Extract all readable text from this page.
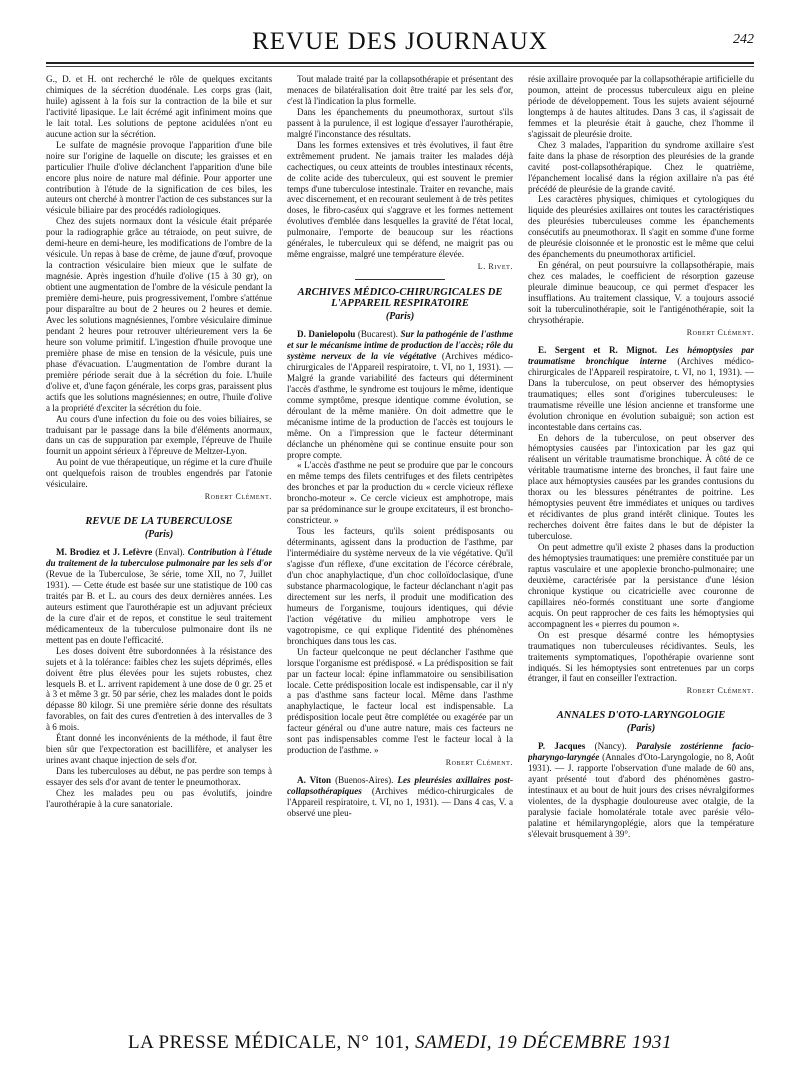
REVUE DES JOURNAUX	242

G., D. et H. ont recherché le rôle de quelques excitants chimiques de la sécrétion duodénale. Les corps gras (lait, huile) agissent à la fois sur la contraction de la bile et sur l'activité lipasique. Le lait écrémé agit infiniment moins que le lait total. Les solutions de peptone acidulées n'ont eu aucune action sur la sécrétion.

Le sulfate de magnésie provoque l'apparition d'une bile noire sur l'origine de laquelle on discute; les graisses et en particulier l'huile d'olive déclanchent l'apparition d'une bile encore plus noire de nature mal définie. Pour apporter une contribution à l'étude de la signification de ces biles, les auteurs ont cherché à montrer l'action de ces substances sur la vésicule biliaire par des procédés radiologiques.

Chez des sujets normaux dont la vésicule était préparée pour la radiographie grâce au tétraiode, on peut suivre, de demi-heure en demi-heure, les modifications de l'ombre de la vésicule. Un repas à base de crème, de jaune d'œuf, provoque la contraction vésiculaire bien mieux que le sulfate de magnésie. Après ingestion d'huile d'olive (15 à 30 gr), on obtient une augmentation de l'ombre de la vésicule pendant la première demi-heure, puis progressivement, l'ombre s'atténue pour disparaître au bout de 2 heures ou 2 heures et demie. Avec les solutions magnésiennes, l'ombre vésiculaire diminue pendant 2 heures pour retrouver ultérieurement vers la 6e heure son volume primitif. L'ingestion d'huile provoque une première phase de mise en tension de la vésicule, puis une phase d'évacuation. L'augmentation de l'ombre durant la première période serait due à la sécrétion du foie. L'huile d'olive et, d'une façon générale, les corps gras, paraissent plus actifs que les solutions magnésiennes; en outre, l'huile d'olive a la propriété d'exciter la sécrétion du foie.

Au cours d'une infection du foie ou des voies biliaires, se traduisant par le passage dans la bile d'éléments anormaux, dans un cas de suppuration par exemple, l'épreuve de l'huile fournit un appoint sérieux à l'épreuve de Meltzer-Lyon.

Au point de vue thérapeutique, un régime et la cure d'huile ont quelquefois raison de troubles engendrés par l'atonie vésiculaire.

Robert Clément.
REVUE DE LA TUBERCULOSE
(Paris)

M. Brodiez et J. Lefèvre (Enval). Contribution à l'étude du traitement de la tuberculose pulmonaire par les sels d'or (Revue de la Tuberculose, 3e série, tome XII, no 7, Juillet 1931). — Cette étude est basée sur une statistique de 100 cas traités par B. et L. au cours des deux dernières années. Les auteurs estiment que l'aurothérapie est un adjuvant précieux de la cure d'air et de repos, et constitue le seul traitement médicamenteux de la tuberculose pulmonaire dont ils ne mettent pas en doute l'efficacité.

Les doses doivent être subordonnées à la résistance des sujets et à la tolérance: faibles chez les sujets déprimés, elles doivent être plus élevées pour les sujets robustes, chez lesquels B. et L. arrivent rapidement à une dose de 0 gr. 25 et à 3 et même 3 gr. 50 par série, chez les malades dont le poids dépasse 80 kilogr. Si une première série donne des résultats favorables, on fait des cures d'entretien à des intervalles de 3 à 6 mois.

Étant donné les inconvénients de la méthode, il faut être bien sûr que l'expectoration est bacillifère, et analyser les urines avant chaque injection de sels d'or.

Dans les tuberculoses au début, ne pas perdre son temps à essayer des sels d'or avant de tenter le pneumothorax.

Chez les malades peu ou pas évolutifs, joindre l'aurothérapie à la cure sanatoriale.

Tout malade traité par la collapsothérapie et présentant des menaces de bilatéralisation doit être traité par les sels d'or, c'est là l'indication la plus formelle.

Dans les épanchements du pneumothorax, surtout s'ils passent à la purulence, il est logique d'essayer l'aurothérapie, malgré l'inconstance des résultats.

Dans les formes extensives et très évolutives, il faut être extrêmement prudent. Ne jamais traiter les malades déjà cachectiques, ou ceux atteints de troubles intestinaux récents, de colite acide des tuberculeux, qui est souvent le premier temps d'une tuberculose intestinale. Traiter en revanche, mais avec discernement, et en recourant seulement à de très petites doses, le fibro-caséux qui s'aggrave et les formes nettement évolutives d'emblée dans lesquelles la gravité de l'état local, pulmonaire, l'emporte de beaucoup sur les réactions générales, le tuberculeux qui se défend, ne maigrit pas ou même engraisse, malgré une température élevée.

L. Rivet.
ARCHIVES MÉDICO-CHIRURGICALES DE L'APPAREIL RESPIRATOIRE
(Paris)

D. Danielopolu (Bucarest). Sur la pathogénie de l'asthme et sur le mécanisme intime de production de l'accès; rôle du système nerveux de la vie végétative (Archives médico-chirurgicales de l'Appareil respiratoire, t. VI, no 1, 1931). — Malgré la grande variabilité des facteurs qui déterminent l'accès d'asthme, le syndrome est toujours le même, identique comme symptôme, presque identique comme évolution, se déroulant de la même manière. On doit admettre que le mécanisme intime de la production de l'accès est toujours le même. On a l'impression que le facteur déterminant déclanche un phénomène qui se continue ensuite pour son propre compte.

« L'accès d'asthme ne peut se produire que par le concours en même temps des filets centrifuges et des filets centripètes des bronches et par la production du « cercle vicieux réflexe broncho-moteur ». Ce cercle vicieux est amphotrope, mais par sa prédominance sur le groupe excitateurs, il est broncho-constricteur. »

Tous les facteurs, qu'ils soient prédisposants ou déterminants, agissent dans la production de l'asthme, par l'intermédiaire du système nerveux de la vie végétative. Qu'il s'agisse d'un réflexe, d'une excitation de l'écorce cérébrale, d'un choc anaphylactique, d'un choc colloïdoclasique, d'une substance pharmacologique, le facteur déclanchant n'agit pas directement sur les nerfs, il produit une modification des humeurs de l'organisme, toujours identiques, qui dévie l'action végétative du milieu amphotrope vers le vagotropisme, ce qui explique l'identité des phénomènes bronchiques dans tous les cas.

Un facteur quelconque ne peut déclancher l'asthme que lorsque l'organisme est prédisposé. « La prédisposition se fait par un facteur local: épine inflammatoire ou sensibilisation locale. Cette prédisposition locale est indispensable, car il n'y a pas d'asthme sans facteur local. Même dans l'asthme anaphylactique, le facteur local est indispensable. La prédisposition locale peut être complétée ou exagérée par un facteur général ou d'une autre nature, mais ces facteurs ne sont pas indispensables comme l'est le facteur local à la production de l'asthme. »

Robert Clément.

A. Viton (Buenos-Aires). Les pleurésies axillaires post-collapsothérapiques (Archives médico-chirurgicales de l'Appareil respiratoire, t. VI, no 1, 1931). — Dans 4 cas, V. a observé une pleu-

résie axillaire provoquée par la collapsothérapie artificielle du poumon, atteint de processus tuberculeux aigu en pleine période de développement. Tous les sujets avaient séjourné longtemps à de hautes altitudes. Dans 3 cas, il s'agissait de femmes et la pleurésie était à gauche, chez l'homme il s'agissait de pleurésie droite.

Chez 3 malades, l'apparition du syndrome axillaire s'est faite dans la phase de résorption des pleurésies de la grande cavité post-collapsothérapique. Chez le quatrième, l'épanchement localisé dans la région axillaire n'a pas été précédé de pleurésie de la grande cavité.

Les caractères physiques, chimiques et cytologiques du liquide des pleurésies axillaires ont toutes les caractéristiques des pleurésies tuberculeuses comme les épanchements consécutifs au pneumothorax. Il s'agit en somme d'une forme de pleurésie cloisonnée et le pronostic est le même que celui des épanchements du pneumothorax artificiel.

En général, on peut poursuivre la collapsothérapie, mais chez ces malades, le coefficient de résorption gazeuse pleurale diminue beaucoup, ce qui permet d'espacer les insufflations. Au traitement classique, V. a toujours associé soit la tuberculinothérapie, soit le l'antigénothérapie, soit la chrysothérapie.

Robert Clément.

E. Sergent et R. Mignot. Les hémoptysies par traumatisme bronchique interne (Archives médico-chirurgicales de l'Appareil respiratoire, t. VI, no 1, 1931). — Dans la tuberculose, on peut observer des hémoptysies traumatiques; elles sont d'origines tuberculeuses: le traumatisme réveille une lésion ancienne et transforme une évolution chronique en évolution subaiguë; son action est incontestable dans certains cas.

En dehors de la tuberculose, on peut observer des hémoptysies causées par l'intoxication par les gaz qui réalisent un véritable traumatisme bronchique. À côté de ce véritable traumatisme interne des bronches, il faut faire une place aux hémoptysies causées par les grandes contusions du thorax ou les blessures pénétrantes de poitrine. Les hémoptysies peuvent être immédiates et uniques ou tardives et récidivantes de plus grand intérêt clinique. Toutes les recherches doivent être faites dans le but de dépister la tuberculose.

On peut admettre qu'il existe 2 phases dans la production des hémoptysies traumatiques: une première constituée par un raptus vasculaire et une apoplexie broncho-pulmonaire; une deuxième, caractérisée par la persistance d'une lésion chronique kystique ou cicatricielle avec couronne de capillaires néo-formés constituant une sorte d'angiome acquis. On peut rapprocher de ces faits les hémoptysies qui accompagnent les « pierres du poumon ».

On est presque désarmé contre les hémoptysies traumatiques non tuberculeuses récidivantes. Seuls, les traitements symptomatiques, l'opothérapie ovarienne sont indiqués. Si les hémoptysies sont entretenues par un corps étranger, il faut en conseiller l'extraction.

Robert Clément.
ANNALES D'OTO-LARYNGOLOGIE
(Paris)

P. Jacques (Nancy). Paralysie zostérienne facio-pharyngo-laryngée (Annales d'Oto-Laryngologie, no 8, Août 1931). — J. rapporte l'observation d'une malade de 60 ans, ayant présenté tout d'abord des phénomènes gastro-intestinaux et au bout de huit jours des crises névralgiformes violentes, de la dysphagie douloureuse avec otalgie, de la paralysie faciale homolatérale totale avec parésie vélo-palatine et hémilaryngoplégie, alors que la température s'élevait brusquement à 39°.

LA PRESSE MÉDICALE, N° 101, SAMEDI, 19 DÉCEMBRE 1931
